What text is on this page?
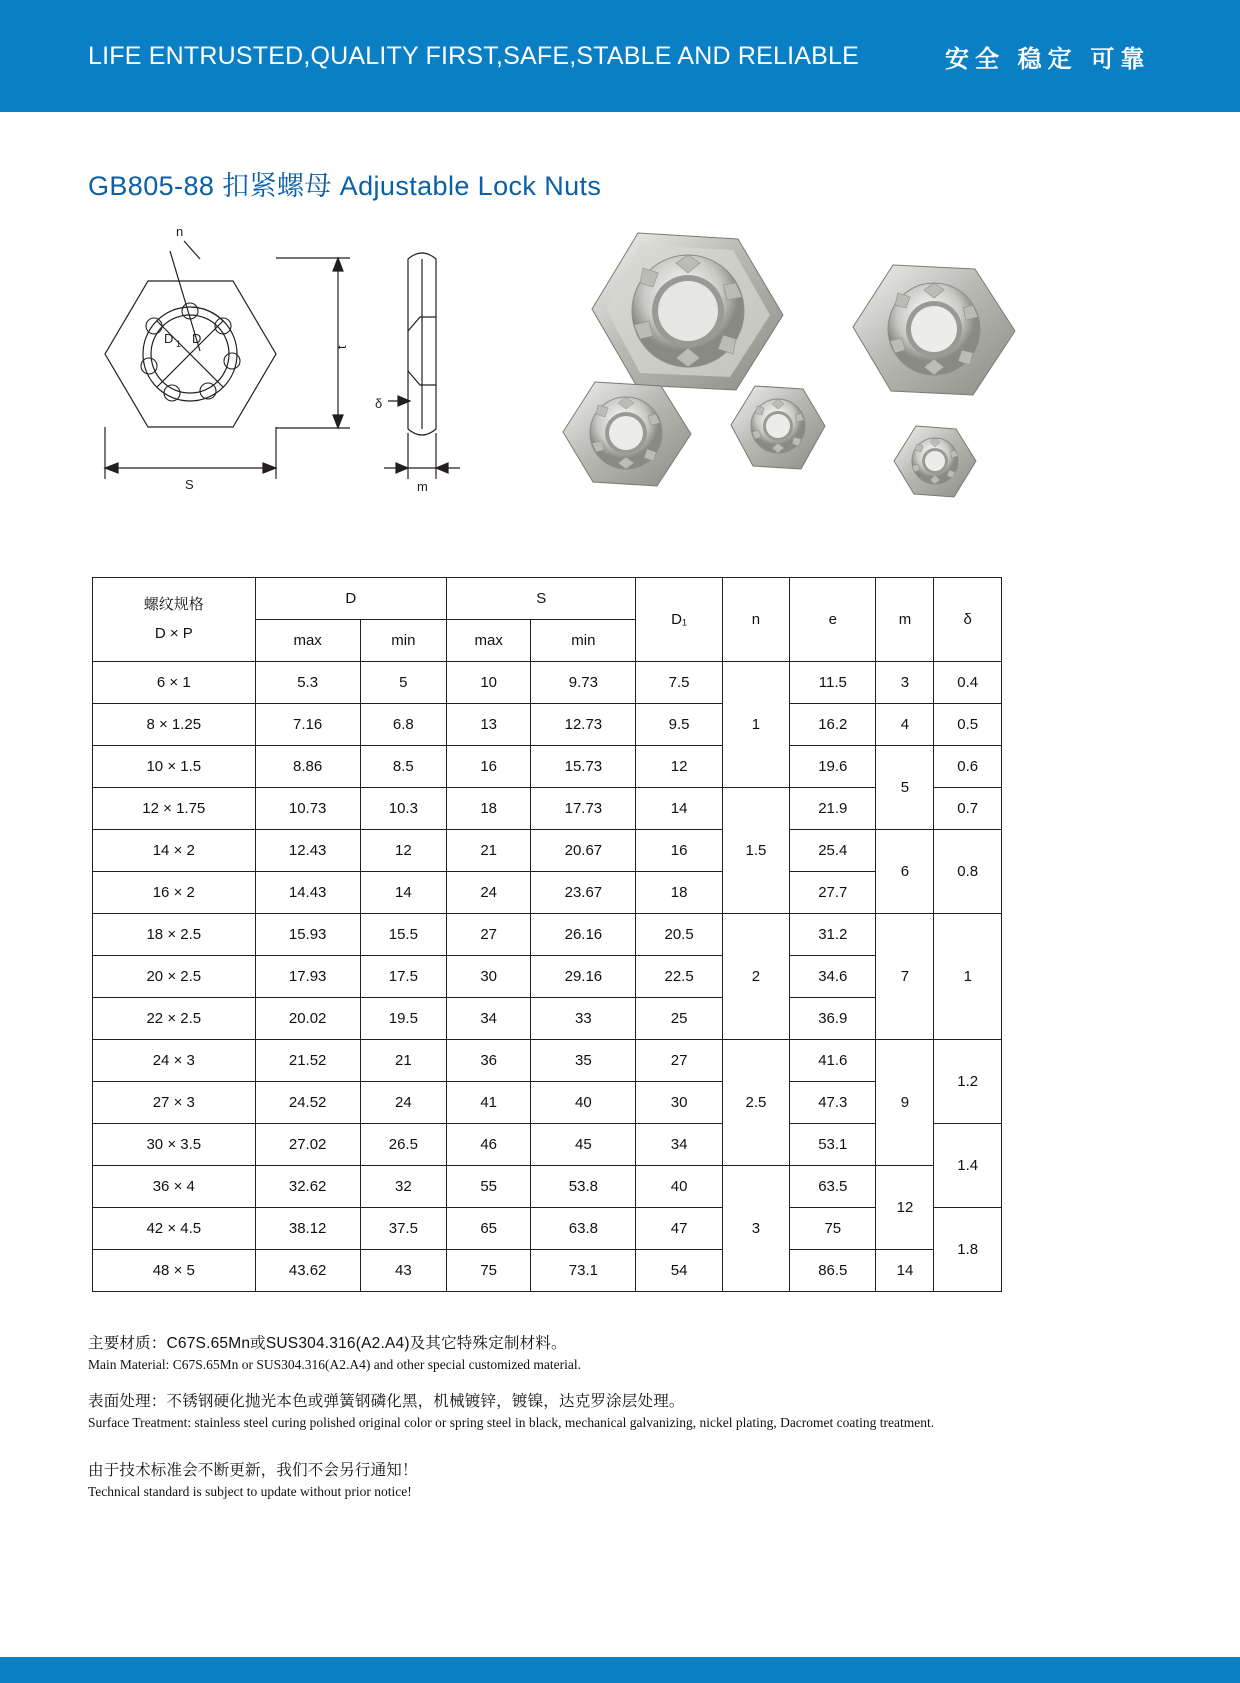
LIFE ENTRUSTED,QUALITY FIRST,SAFE,STABLE AND RELIABLE	安全 稳定 可靠
GB805-88 扣紧螺母 Adjustable Lock Nuts
n
D 1 D
t
S
δ
m
螺纹规格
D × P	D		S		D₁	n	e	m	δ
	max	min	max	min					
6 × 1	5.3	5	10	9.73	7.5	1	11.5	3	0.4
8 × 1.25	7.16	6.8	13	12.73	9.5		16.2	4	0.5
10 × 1.5	8.86	8.5	16	15.73	12		19.6	5	0.6
12 × 1.75	10.73	10.3	18	17.73	14	1.5	21.9		0.7
14 × 2	12.43	12	21	20.67	16		25.4	6	0.8
16 × 2	14.43	14	24	23.67	18		27.7		
18 × 2.5	15.93	15.5	27	26.16	20.5	2	31.2	7	1
20 × 2.5	17.93	17.5	30	29.16	22.5		34.6		
22 × 2.5	20.02	19.5	34	33	25		36.9		
24 × 3	21.52	21	36	35	27	2.5	41.6	9	1.2
27 × 3	24.52	24	41	40	30		47.3		
30 × 3.5	27.02	26.5	46	45	34		53.1		1.4
36 × 4	32.62	32	55	53.8	40	3	63.5	12	
42 × 4.5	38.12	37.5	65	63.8	47		75		1.8
48 × 5	43.62	43	75	73.1	54		86.5	14	
主要材质：C67S.65Mn或SUS304.316(A2.A4)及其它特殊定制材料。
Main Material: C67S.65Mn or SUS304.316(A2.A4) and other special customized material.
表面处理：不锈钢硬化抛光本色或弹簧钢磷化黑，机械镀锌，镀镍，达克罗涂层处理。
Surface Treatment: stainless steel curing polished original color or spring steel in black, mechanical galvanizing, nickel plating, Dacromet coating treatment.
由于技术标准会不断更新，我们不会另行通知！
Technical standard is subject to update without prior notice!
